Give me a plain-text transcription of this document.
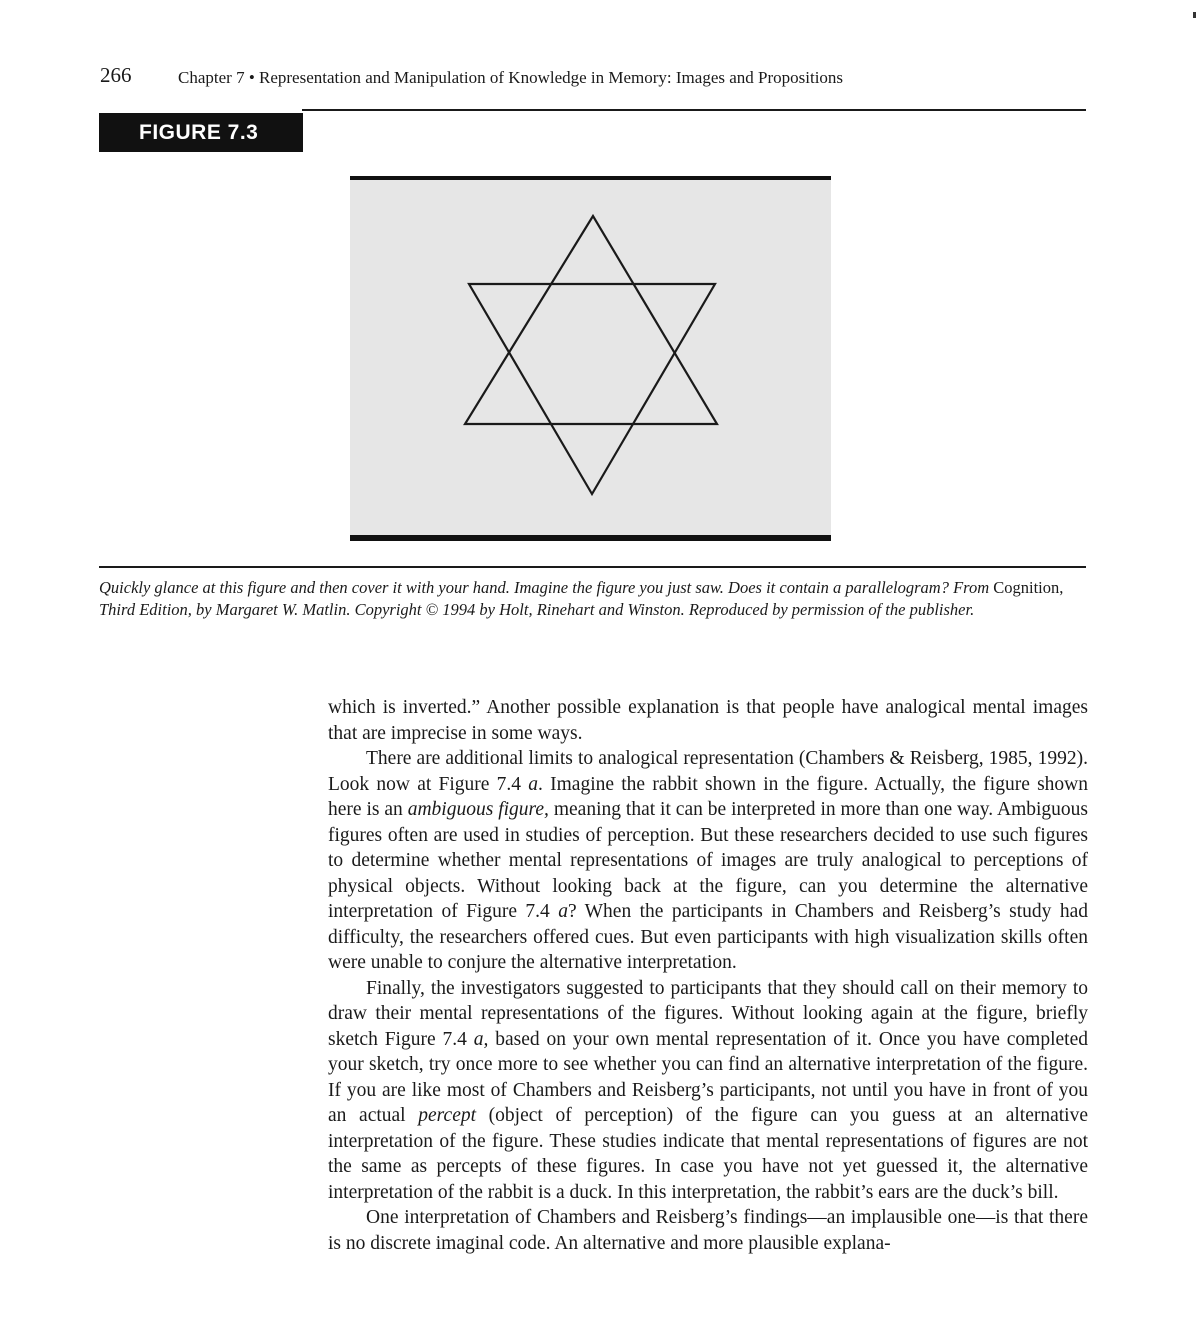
266	Chapter 7 • Representation and Manipulation of Knowledge in Memory: Images and Propositions
FIGURE 7.3
Quickly glance at this figure and then cover it with your hand. Imagine the figure you just saw. Does it contain a parallelogram? From Cognition, Third Edition, by Margaret W. Matlin. Copyright © 1994 by Holt, Rinehart and Winston. Reproduced by permission of the publisher.

which is inverted.” Another possible explanation is that people have analogical mental images that are imprecise in some ways.

There are additional limits to analogical representation (Chambers & Reisberg, 1985, 1992). Look now at Figure 7.4 a. Imagine the rabbit shown in the figure. Actually, the figure shown here is an ambiguous figure, meaning that it can be interpreted in more than one way. Ambiguous figures often are used in studies of perception. But these researchers decided to use such figures to determine whether mental representations of images are truly analogical to perceptions of physical objects. Without looking back at the figure, can you determine the alternative interpretation of Figure 7.4 a? When the participants in Chambers and Reisberg’s study had difficulty, the researchers offered cues. But even participants with high visualization skills often were unable to conjure the alternative interpretation.

Finally, the investigators suggested to participants that they should call on their memory to draw their mental representations of the figures. Without looking again at the figure, briefly sketch Figure 7.4 a, based on your own mental representation of it. Once you have completed your sketch, try once more to see whether you can find an alternative interpretation of the figure. If you are like most of Chambers and Reisberg’s participants, not until you have in front of you an actual percept (object of perception) of the figure can you guess at an alternative interpretation of the figure. These studies indicate that mental representations of figures are not the same as percepts of these figures. In case you have not yet guessed it, the alternative interpretation of the rabbit is a duck. In this interpretation, the rabbit’s ears are the duck’s bill.

One interpretation of Chambers and Reisberg’s findings—an implausible one—is that there is no discrete imaginal code. An alternative and more plausible explana-
